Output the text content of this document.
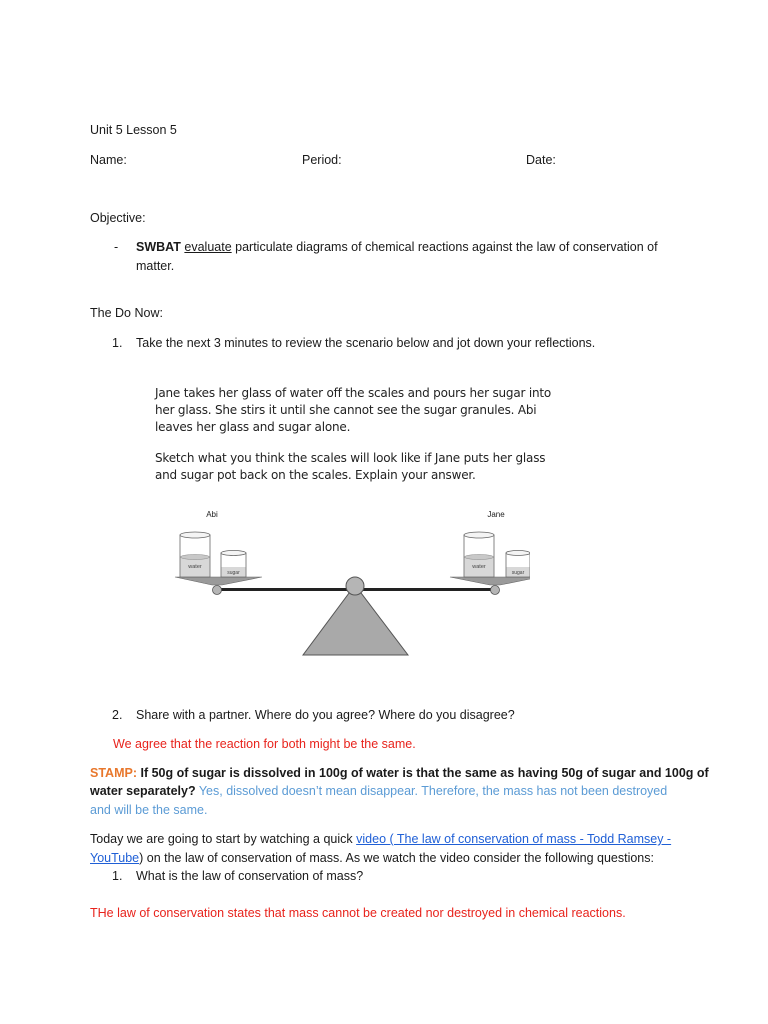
Unit 5 Lesson 5
Name:	Period:	Date:
Objective:
- SWBAT evaluate particulate diagrams of chemical reactions against the law of conservation of
matter.
The Do Now:
1. Take the next 3 minutes to review the scenario below and jot down your reflections.

Jane takes her glass of water off the scales and pours her sugar into her glass. She stirs it until she cannot see the sugar granules. Abi leaves her glass and sugar alone.

Sketch what you think the scales will look like if Jane puts her glass and sugar pot back on the scales. Explain your answer.

Abi	Jane
water
sugar
water
sugar
2. Share with a partner. Where do you agree? Where do you disagree?
We agree that the reaction for both might be the same.
STAMP: If 50g of sugar is dissolved in 100g of water is that the same as having 50g of sugar and 100g of
water separately? Yes, dissolved doesn’t mean disappear. Therefore, the mass has not been destroyed
and will be the same.
Today we are going to start by watching a quick video ( The law of conservation of mass - Todd Ramsey -
YouTube) on the law of conservation of mass. As we watch the video consider the following questions:
1. What is the law of conservation of mass?
THe law of conservation states that mass cannot be created nor destroyed in chemical reactions.
